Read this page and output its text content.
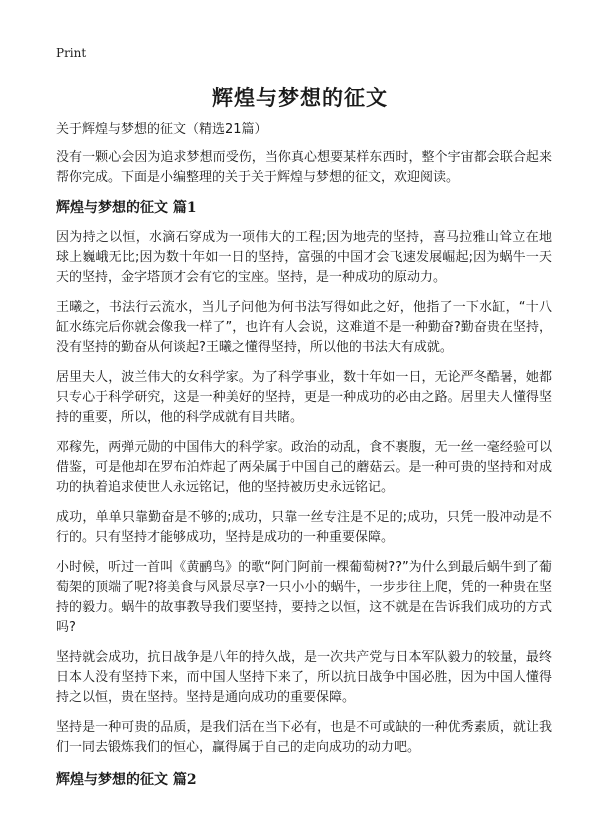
Print
辉煌与梦想的征文

关于辉煌与梦想的征文（精选21篇）

没有一颗心会因为追求梦想而受伤，当你真心想要某样东西时，整个宇宙都会联合起来帮你完成。下面是小编整理的关于关于辉煌与梦想的征文，欢迎阅读。

辉煌与梦想的征文 篇1

因为持之以恒，水滴石穿成为一项伟大的工程;因为地壳的坚持，喜马拉雅山耸立在地球上巍峨无比;因为数十年如一日的坚持，富强的中国才会飞速发展崛起;因为蜗牛一天天的坚持，金字塔顶才会有它的宝座。坚持，是一种成功的原动力。

王曦之，书法行云流水，当儿子问他为何书法写得如此之好，他指了一下水缸，“十八缸水练完后你就会像我一样了”，也许有人会说，这难道不是一种勤奋?勤奋贵在坚持，没有坚持的勤奋从何谈起?王曦之懂得坚持，所以他的书法大有成就。

居里夫人，波兰伟大的女科学家。为了科学事业，数十年如一日，无论严冬酷暑，她都只专心于科学研究，这是一种美好的坚持，更是一种成功的必由之路。居里夫人懂得坚持的重要，所以，他的科学成就有目共睹。

邓稼先，两弹元勋的中国伟大的科学家。政治的动乱，食不裹腹，无一丝一毫经验可以借鉴，可是他却在罗布泊炸起了两朵属于中国自己的蘑菇云。是一种可贵的坚持和对成功的执着追求使世人永远铭记，他的坚持被历史永远铭记。

成功，单单只靠勤奋是不够的;成功，只靠一丝专注是不足的;成功，只凭一股冲动是不行的。只有坚持才能够成功，坚持是成功的一种重要保障。

小时候，听过一首叫《黄鹂鸟》的歌“阿门阿前一棵葡萄树??”为什么到最后蜗牛到了葡萄架的顶端了呢?将美食与风景尽享?一只小小的蜗牛，一步步往上爬，凭的一种贵在坚持的毅力。蜗牛的故事教导我们要坚持，要持之以恒，这不就是在告诉我们成功的方式吗?

坚持就会成功，抗日战争是八年的持久战，是一次共产党与日本军队毅力的较量，最终日本人没有坚持下来，而中国人坚持下来了，所以抗日战争中国必胜，因为中国人懂得持之以恒，贵在坚持。坚持是通向成功的重要保障。

坚持是一种可贵的品质，是我们活在当下必有，也是不可或缺的一种优秀素质，就让我们一同去锻炼我们的恒心，赢得属于自己的走向成功的动力吧。

辉煌与梦想的征文 篇2
